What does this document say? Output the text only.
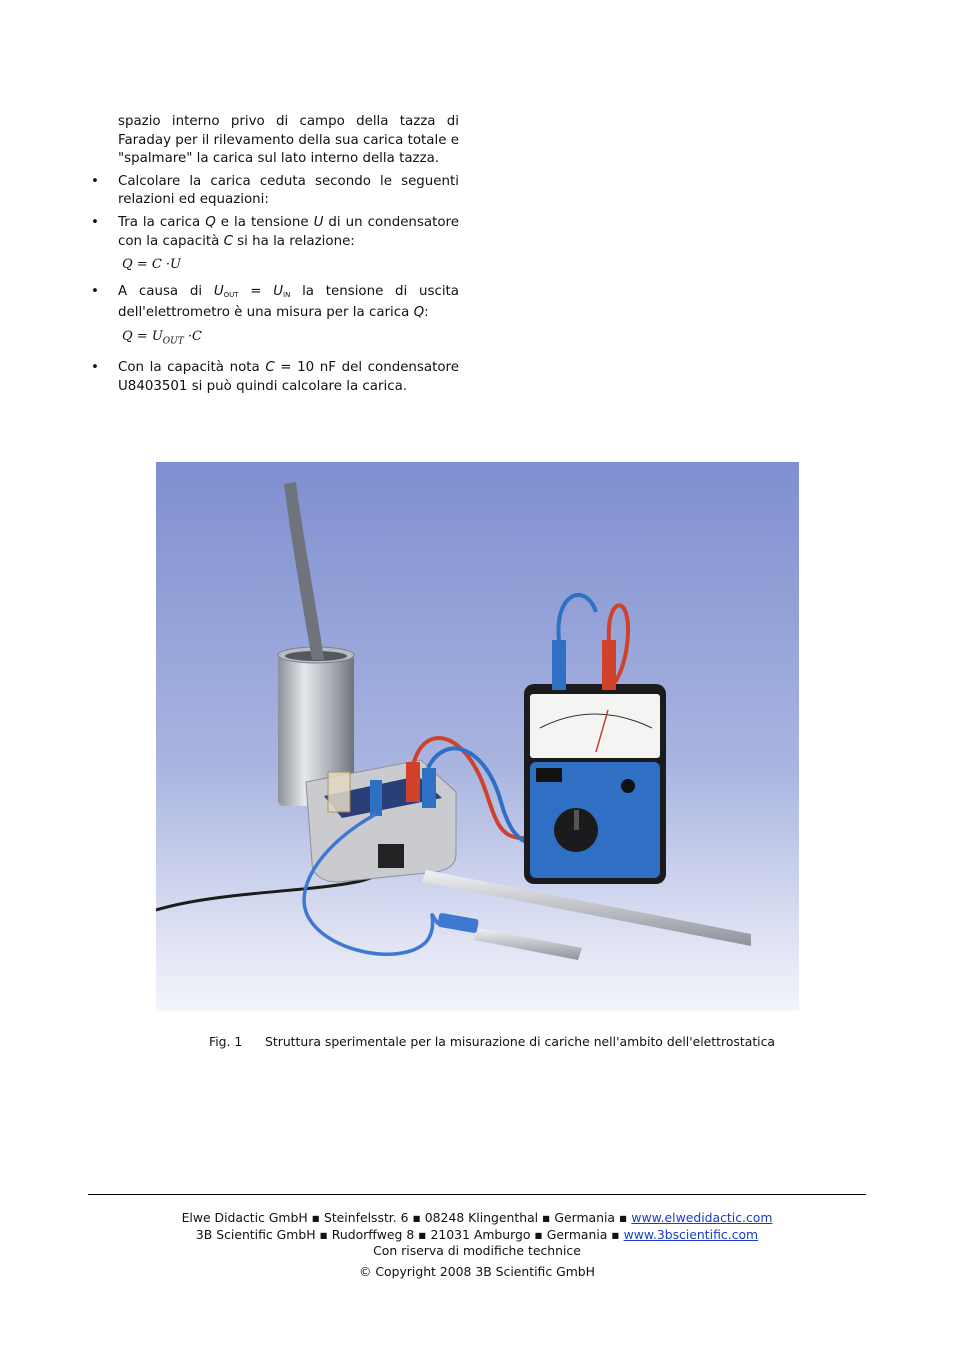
spazio interno privo di campo della tazza di Faraday per il rilevamento della sua carica totale e "spalmare" la carica sul lato interno della tazza.

• Calcolare la carica ceduta secondo le seguenti relazioni ed equazioni:
• Tra la carica Q e la tensione U di un condensatore con la capacità C si ha la relazione:

Q = C ·U

• A causa di $U_{OUT} = U_{IN}$ la tensione di uscita dell'elettrometro è una misura per la carica Q:

$Q = U_{OUT} \cdot C$

• Con la capacità nota C = 10 nF del condensatore U8403501 si può quindi calcolare la carica.
Fig. 1 Struttura sperimentale per la misurazione di cariche nell'ambito dell'elettrostatica
Elwe Didactic GmbH ▪ Steinfelsstr. 6 ▪ 08248 Klingenthal ▪ Germania ▪ www.elwedidactic.com
3B Scientific GmbH ▪ Rudorffweg 8 ▪ 21031 Amburgo ▪ Germania ▪ www.3bscientific.com
Con riserva di modifiche technice
© Copyright 2008 3B Scientific GmbH
